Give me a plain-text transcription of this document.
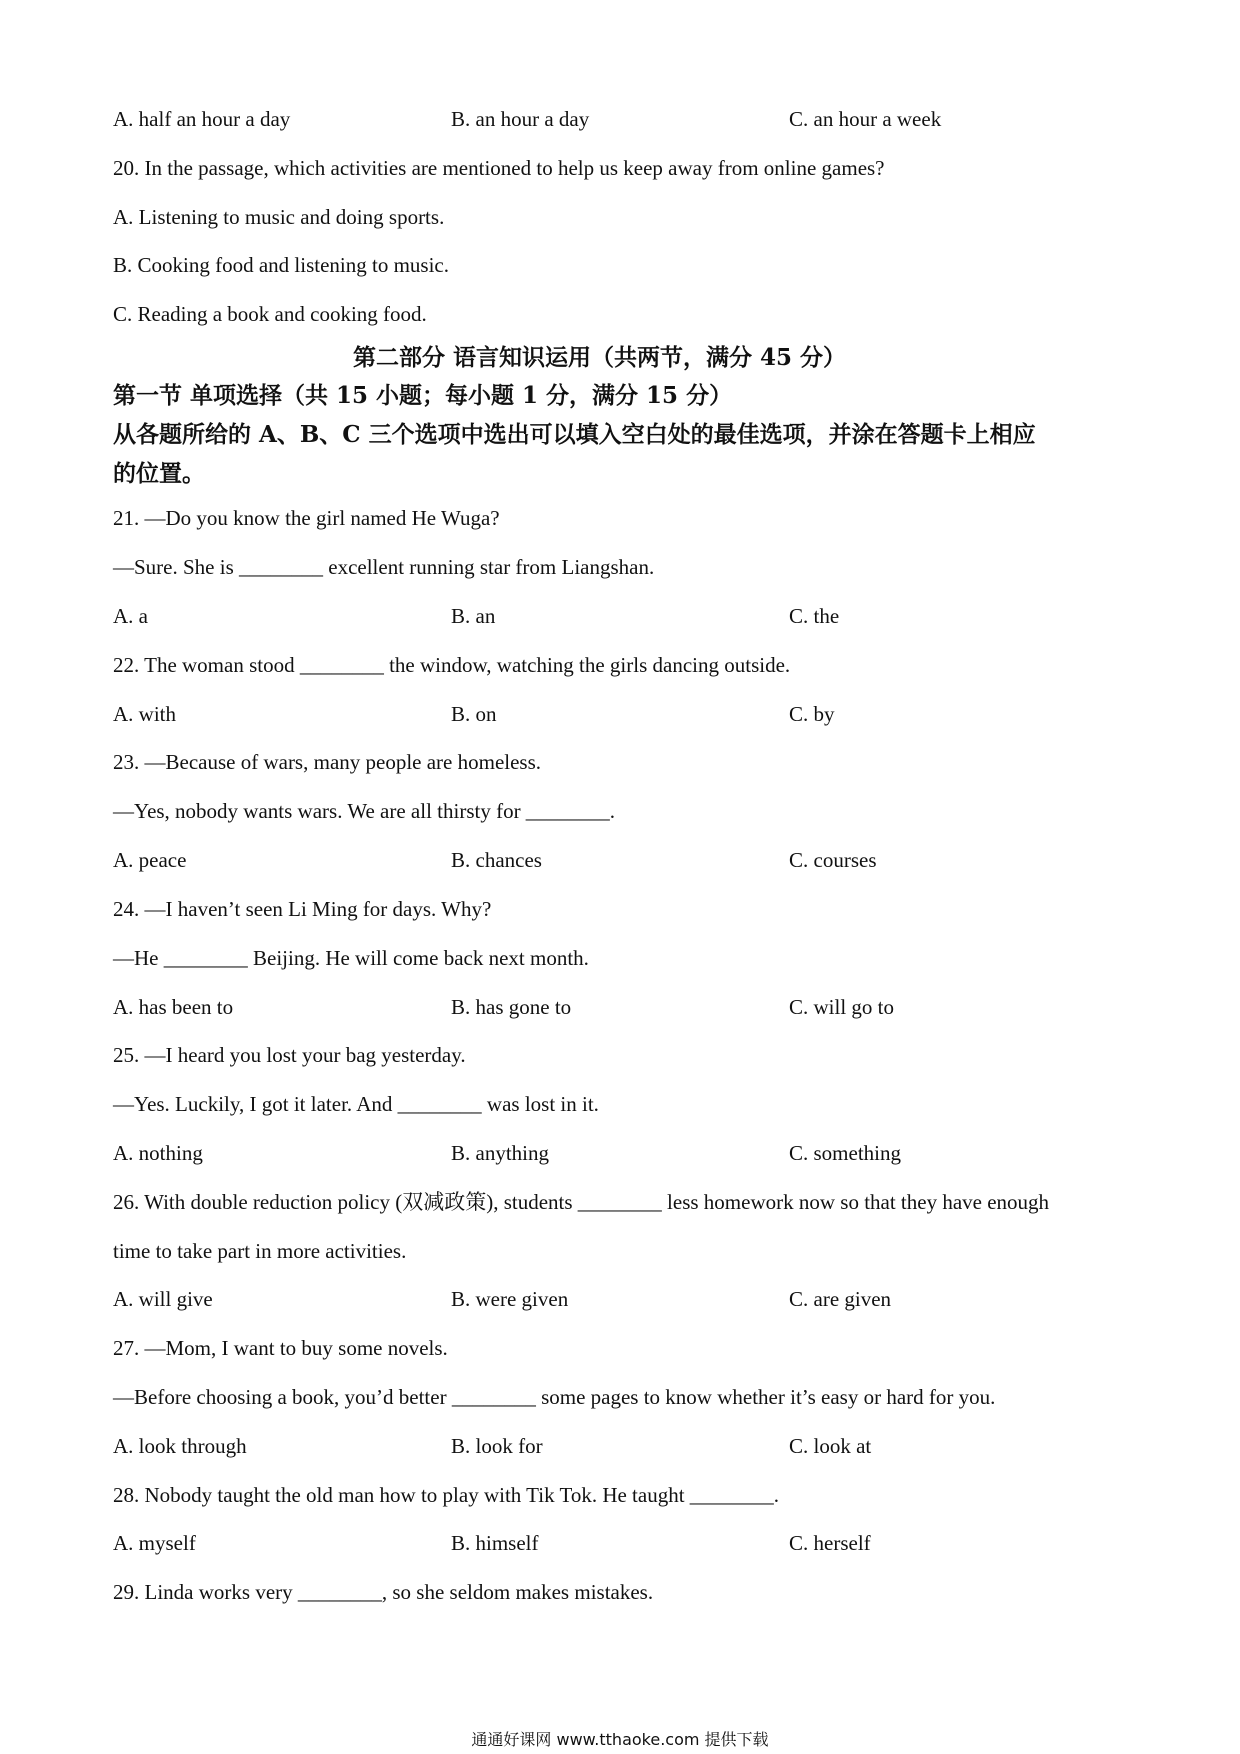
A. half an hour a day	B. an hour a day	C. an hour a week
20. In the passage, which activities are mentioned to help us keep away from online games?
A. Listening to music and doing sports.
B. Cooking food and listening to music.
C. Reading a book and cooking food.
第二部分 语言知识运用（共两节，满分 45 分）
第一节 单项选择（共 15 小题；每小题 1 分，满分 15 分）
从各题所给的 A、B、C 三个选项中选出可以填入空白处的最佳选项，并涂在答题卡上相应
的位置。
21. —Do you know the girl named He Wuga?
—Sure. She is ________ excellent running star from Liangshan.
A. a	B. an	C. the
22. The woman stood ________ the window, watching the girls dancing outside.
A. with	B. on	C. by
23. —Because of wars, many people are homeless.
—Yes, nobody wants wars. We are all thirsty for ________.
A. peace	B. chances	C. courses
24. —I haven’t seen Li Ming for days. Why?
—He ________ Beijing. He will come back next month.
A. has been to	B. has gone to	C. will go to
25. —I heard you lost your bag yesterday.
—Yes. Luckily, I got it later. And ________ was lost in it.
A. nothing	B. anything	C. something
26. With double reduction policy (双减政策), students ________ less homework now so that they have enough
time to take part in more activities.
A. will give	B. were given	C. are given
27. —Mom, I want to buy some novels.
—Before choosing a book, you’d better ________ some pages to know whether it’s easy or hard for you.
A. look through	B. look for	C. look at
28. Nobody taught the old man how to play with Tik Tok. He taught ________.
A. myself	B. himself	C. herself
29. Linda works very ________, so she seldom makes mistakes.
通通好课网 www.tthaoke.com 提供下载
